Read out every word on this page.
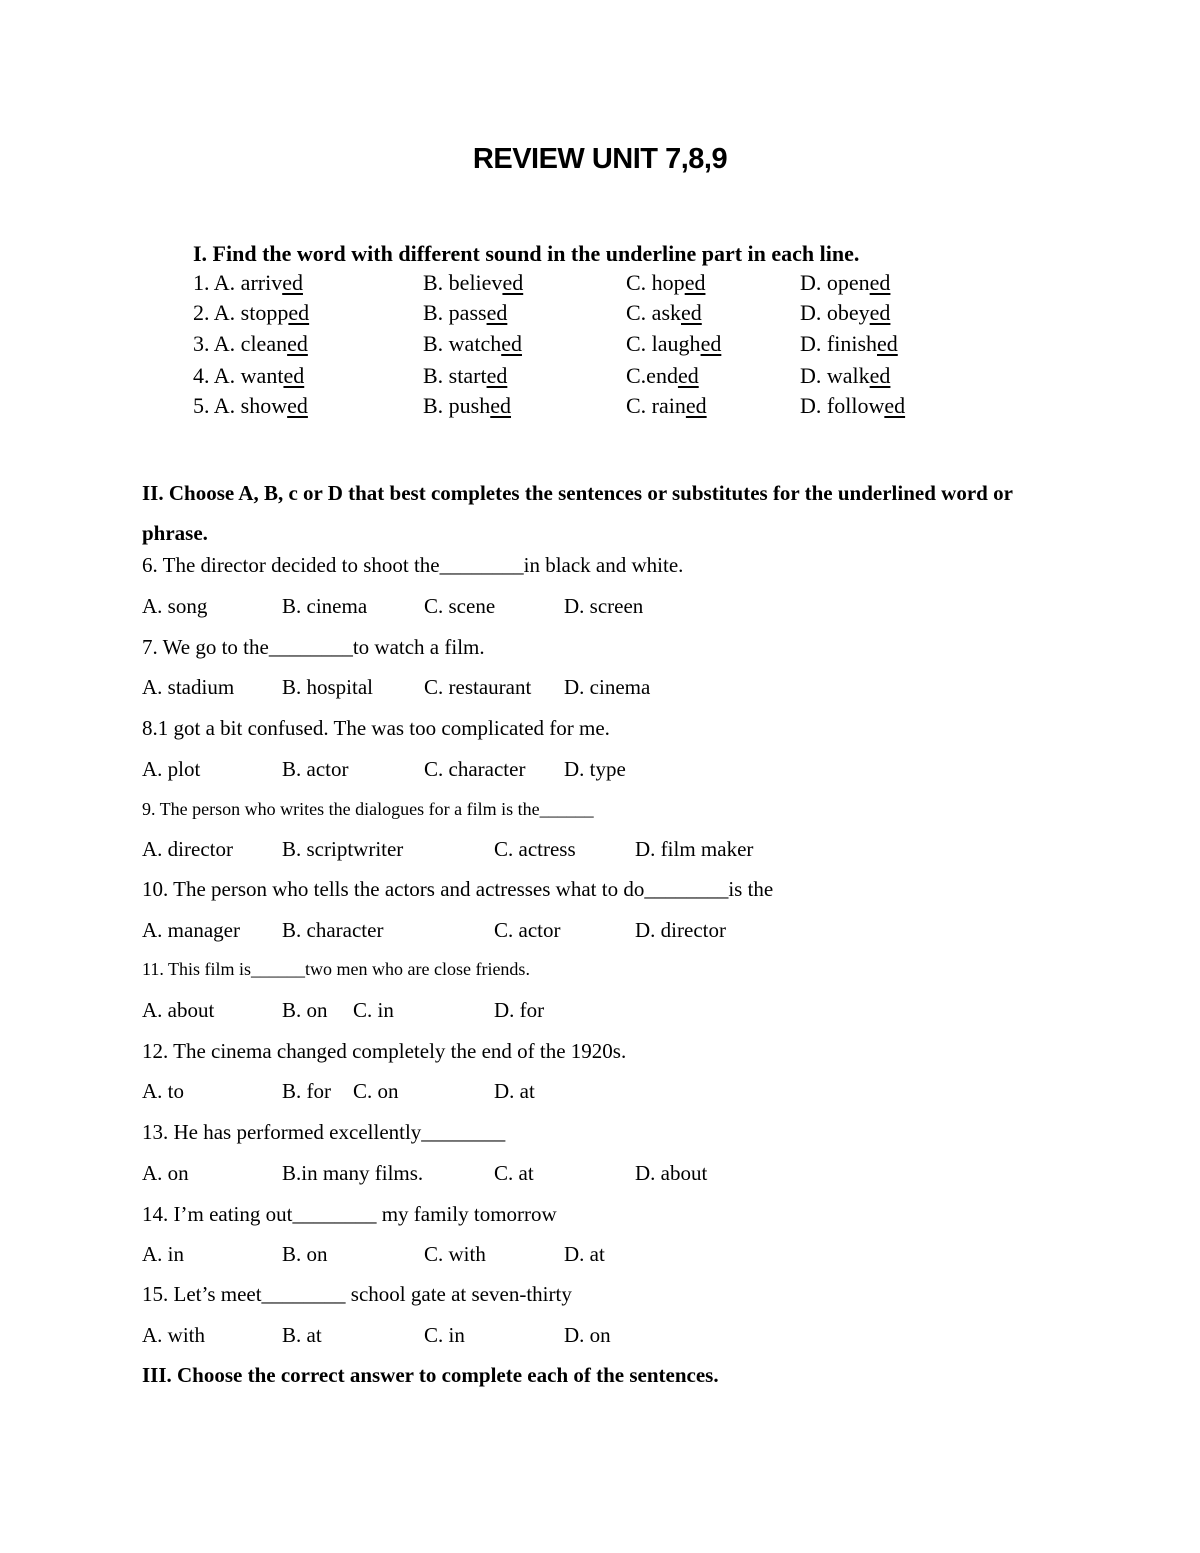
REVIEW UNIT 7,8,9
I. Find the word with different sound in the underline part in each line.
1. A. arrived	B. believed	C. hoped	D. opened
2. A. stopped	B. passed	C. asked	D. obeyed
3. A. cleaned	B. watched	C. laughed	D. finished
4. A. wanted	B. started	C.ended	D. walked
5. A. showed	B. pushed	C. rained	D. followed
II. Choose A, B, c or D that best completes the sentences or substitutes for the underlined word or phrase.
6. The director decided to shoot the________in black and white.
A. song	B. cinema	C. scene	D. screen
7. We go to the________to watch a film.
A. stadium B. hospital C. restaurant D. cinema
8.1 got a bit confused. The was too complicated for me.
A. plot	B. actor	C. character D. type
9. The person who writes the dialogues for a film is the______
A. director B. scriptwriter	C. actress	D. film maker
10. The person who tells the actors and actresses what to do________is the
A. manager B. character	C. actor	D. director
11. This film is______two men who are close friends.
A. about	B. on C. in	D. for
12. The cinema changed completely the end of the 1920s.
A. to	B. for C. on	D. at
13. He has performed excellently________
A. on	B.in many films.	C. at	D. about
14. I’m eating out________ my family tomorrow
A. in	B. on	C. with	D. at
15. Let’s meet________ school gate at seven-thirty
A. with	B. at	C. in	D. on
III. Choose the correct answer to complete each of the sentences.
